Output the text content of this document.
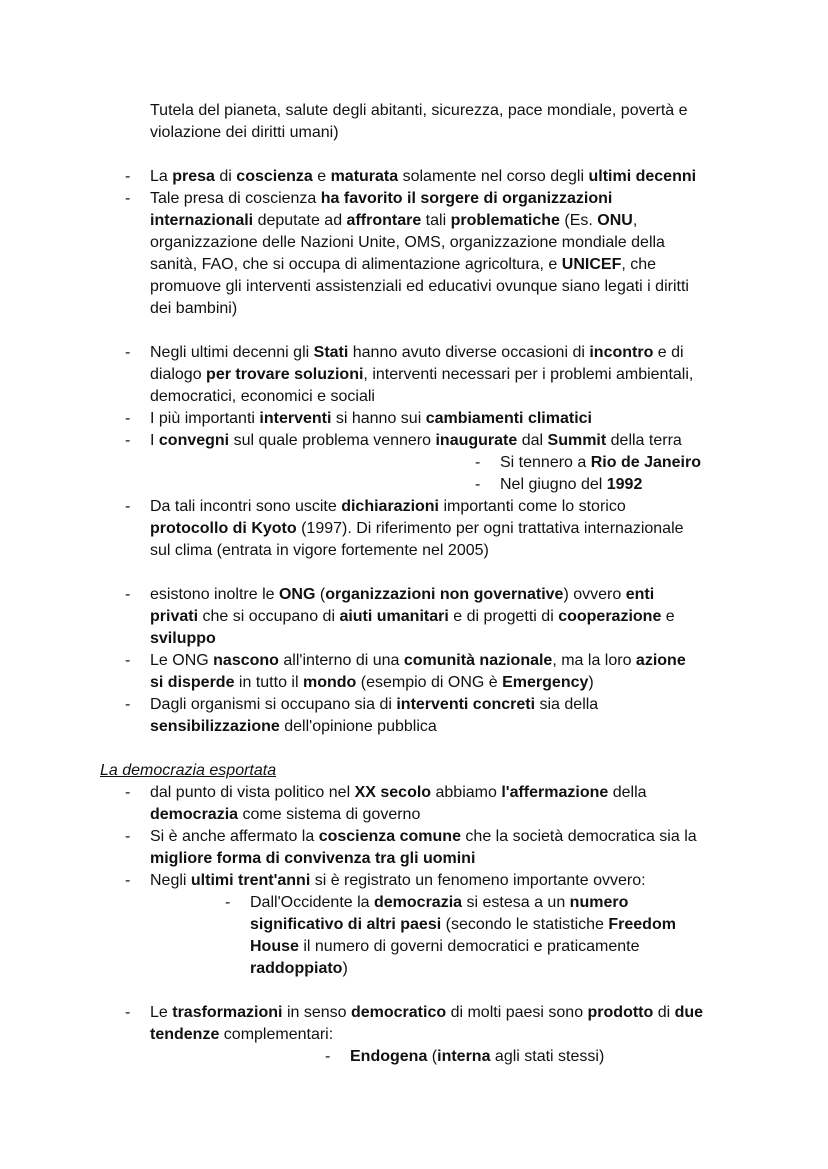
Tutela del pianeta, salute degli abitanti, sicurezza, pace mondiale, povertà e
violazione dei diritti umani)
- La presa di coscienza e maturata solamente nel corso degli ultimi decenni
- Tale presa di coscienza ha favorito il sorgere di organizzazioni
internazionali deputate ad affrontare tali problematiche (Es. ONU,
organizzazione delle Nazioni Unite, OMS, organizzazione mondiale della
sanità, FAO, che si occupa di alimentazione agricoltura, e UNICEF, che
promuove gli interventi assistenziali ed educativi ovunque siano legati i diritti
dei bambini)
- Negli ultimi decenni gli Stati hanno avuto diverse occasioni di incontro e di
dialogo per trovare soluzioni, interventi necessari per i problemi ambientali,
democratici, economici e sociali
- I più importanti interventi si hanno sui cambiamenti climatici
- I convegni sul quale problema vennero inaugurate dal Summit della terra
- Si tennero a Rio de Janeiro
- Nel giugno del 1992
- Da tali incontri sono uscite dichiarazioni importanti come lo storico
protocollo di Kyoto (1997). Di riferimento per ogni trattativa internazionale
sul clima (entrata in vigore fortemente nel 2005)
- esistono inoltre le ONG (organizzazioni non governative) ovvero enti
privati che si occupano di aiuti umanitari e di progetti di cooperazione e
sviluppo
- Le ONG nascono all'interno di una comunità nazionale, ma la loro azione
si disperde in tutto il mondo (esempio di ONG è Emergency)
- Dagli organismi si occupano sia di interventi concreti sia della
sensibilizzazione dell'opinione pubblica
La democrazia esportata
- dal punto di vista politico nel XX secolo abbiamo l'affermazione della
democrazia come sistema di governo
- Si è anche affermato la coscienza comune che la società democratica sia la
migliore forma di convivenza tra gli uomini
- Negli ultimi trent'anni si è registrato un fenomeno importante ovvero:
- Dall'Occidente la democrazia si estesa a un numero
significativo di altri paesi (secondo le statistiche Freedom
House il numero di governi democratici e praticamente
raddoppiato)
- Le trasformazioni in senso democratico di molti paesi sono prodotto di due
tendenze complementari:
- Endogena (interna agli stati stessi)
